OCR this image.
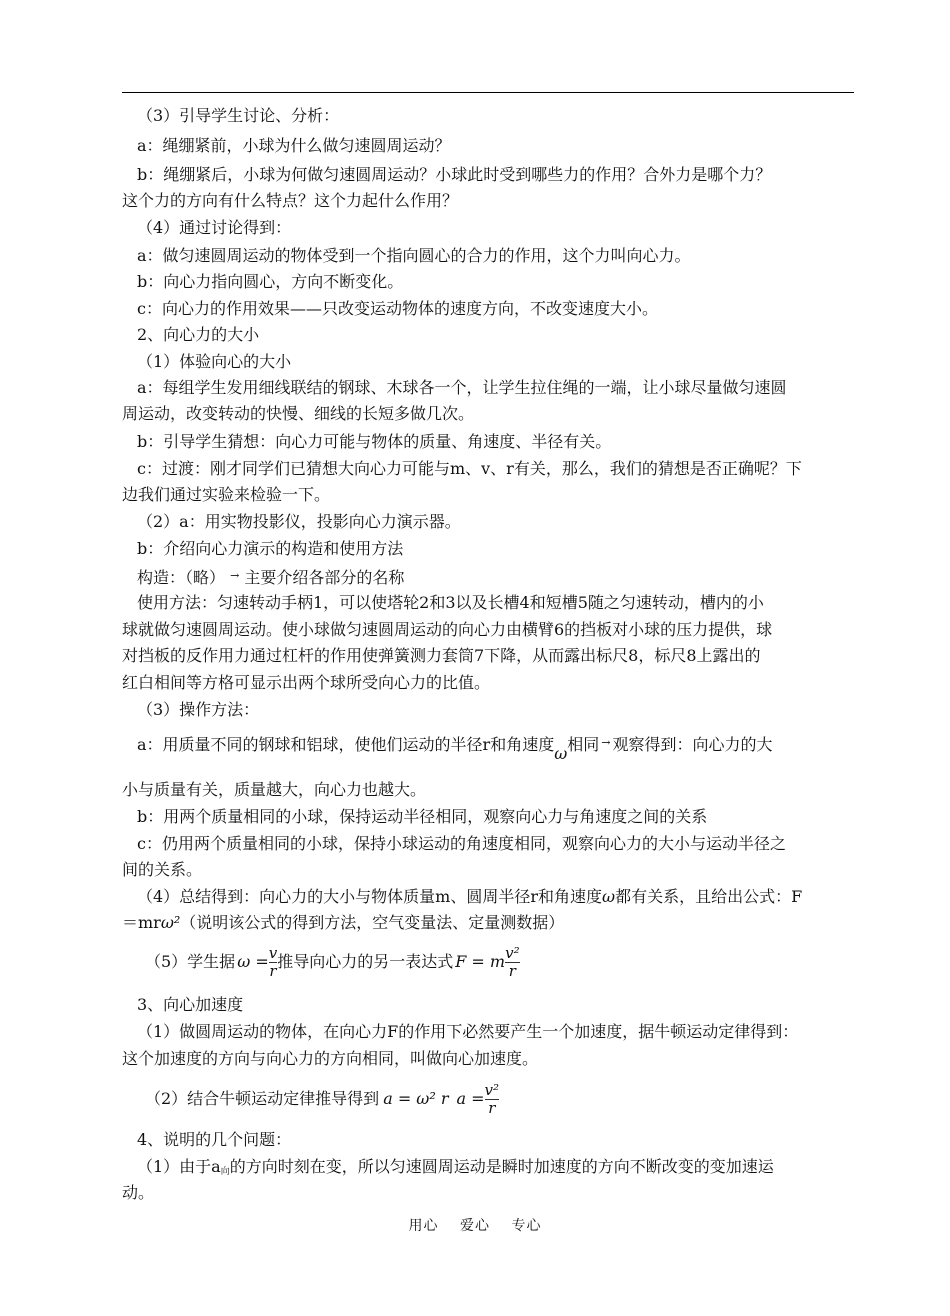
（3）引导学生讨论、分析：
a：绳绷紧前，小球为什么做匀速圆周运动？
b：绳绷紧后，小球为何做匀速圆周运动？小球此时受到哪些力的作用？合外力是哪个力？
这个力的方向有什么特点？这个力起什么作用？
（4）通过讨论得到：
a：做匀速圆周运动的物体受到一个指向圆心的合力的作用，这个力叫向心力。
b：向心力指向圆心，方向不断变化。
c：向心力的作用效果——只改变运动物体的速度方向，不改变速度大小。
2、向心力的大小
（1）体验向心的大小
a：每组学生发用细线联结的钢球、木球各一个，让学生拉住绳的一端，让小球尽量做匀速圆
周运动，改变转动的快慢、细线的长短多做几次。
b：引导学生猜想：向心力可能与物体的质量、角速度、半径有关。
c：过渡：刚才同学们已猜想大向心力可能与m、v、r有关，那么，我们的猜想是否正确呢？下
边我们通过实验来检验一下。
（2）a：用实物投影仪，投影向心力演示器。
b：介绍向心力演示的构造和使用方法
构造：（略） → 主要介绍各部分的名称
使用方法：匀速转动手柄1，可以使塔轮2和3以及长槽4和短槽5随之匀速转动，槽内的小
球就做匀速圆周运动。使小球做匀速圆周运动的向心力由横臂6的挡板对小球的压力提供，球
对挡板的反作用力通过杠杆的作用使弹簧测力套筒7下降，从而露出标尺8，标尺8上露出的
红白相间等方格可显示出两个球所受向心力的比值。
（3）操作方法：
a：用质量不同的钢球和铝球，使他们运动的半径r和角速度ω相同 → 观察得到：向心力的大
小与质量有关，质量越大，向心力也越大。
b：用两个质量相同的小球，保持运动半径相同，观察向心力与角速度之间的关系
c：仍用两个质量相同的小球，保持小球运动的角速度相同，观察向心力的大小与运动半径之
间的关系。
（4）总结得到：向心力的大小与物体质量m、圆周半径r和角速度ω都有关系，且给出公式：F
＝mrω²（说明该公式的得到方法，空气变量法、定量测数据）
（5）学生据 $\omega = \frac{v}{r}$ 推导向心力的另一表达式 F = m $\frac{\text{v²}}{r}$
3、向心加速度
（1）做圆周运动的物体，在向心力F的作用下必然要产生一个加速度，据牛顿运动定律得到：
这个加速度的方向与向心力的方向相同，叫做向心加速度。
（2）结合牛顿运动定律推导得到 a = ω² r $a = \frac{\text{v²}}{r}$
4、说明的几个问题：
（1）由于$a_向$的方向时刻在变，所以匀速圆周运动是瞬时加速度的方向不断改变的变加速运
动。
用心 爱心 专心
